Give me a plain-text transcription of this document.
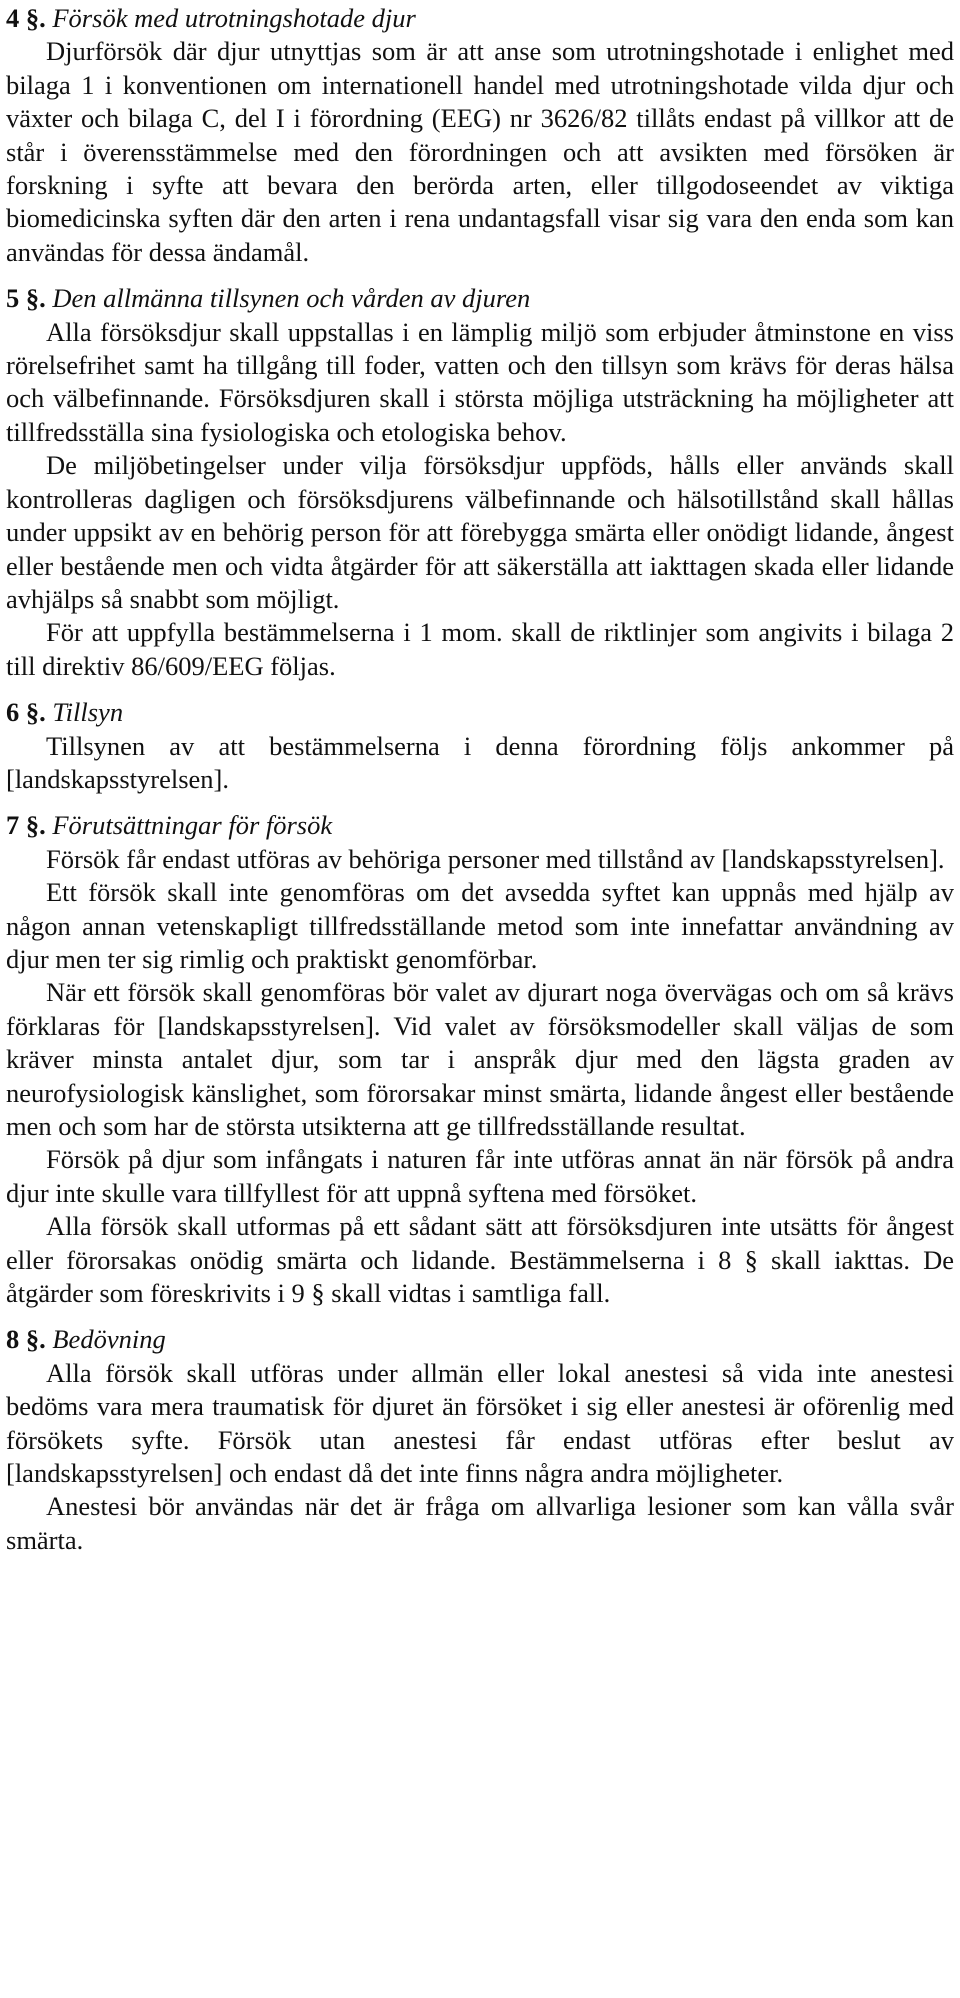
4 §. Försök med utrotningshotade djur

Djurförsök där djur utnyttjas som är att anse som utrotningshotade i enlighet med bilaga 1 i konventionen om internationell handel med utrotningshotade vilda djur och växter och bilaga C, del I i förordning (EEG) nr 3626/82 tillåts endast på villkor att de står i överensstämmelse med den förordningen och att avsikten med försöken är forskning i syfte att bevara den berörda arten, eller tillgodoseendet av viktiga biomedicinska syften där den arten i rena undantagsfall visar sig vara den enda som kan användas för dessa ändamål.

5 §. Den allmänna tillsynen och vården av djuren

Alla försöksdjur skall uppstallas i en lämplig miljö som erbjuder åtminstone en viss rörelsefrihet samt ha tillgång till foder, vatten och den tillsyn som krävs för deras hälsa och välbefinnande. Försöksdjuren skall i största möjliga utsträckning ha möjligheter att tillfredsställa sina fysiologiska och etologiska behov.

De miljöbetingelser under vilja försöksdjur uppföds, hålls eller används skall kontrolleras dagligen och försöksdjurens välbefinnande och hälsotillstånd skall hållas under uppsikt av en behörig person för att förebygga smärta eller onödigt lidande, ångest eller bestående men och vidta åtgärder för att säkerställa att iakttagen skada eller lidande avhjälps så snabbt som möjligt.

För att uppfylla bestämmelserna i 1 mom. skall de riktlinjer som angivits i bilaga 2 till direktiv 86/609/EEG följas.

6 §. Tillsyn

Tillsynen av att bestämmelserna i denna förordning följs ankommer på [landskapsstyrelsen].

7 §. Förutsättningar för försök

Försök får endast utföras av behöriga personer med tillstånd av [landskapsstyrelsen].

Ett försök skall inte genomföras om det avsedda syftet kan uppnås med hjälp av någon annan vetenskapligt tillfredsställande metod som inte innefattar användning av djur men ter sig rimlig och praktiskt genomförbar.

När ett försök skall genomföras bör valet av djurart noga övervägas och om så krävs förklaras för [landskapsstyrelsen]. Vid valet av försöksmodeller skall väljas de som kräver minsta antalet djur, som tar i anspråk djur med den lägsta graden av neurofysiologisk känslighet, som förorsakar minst smärta, lidande ångest eller bestående men och som har de största utsikterna att ge tillfredsställande resultat.

Försök på djur som infångats i naturen får inte utföras annat än när försök på andra djur inte skulle vara tillfyllest för att uppnå syftena med försöket.

Alla försök skall utformas på ett sådant sätt att försöksdjuren inte utsätts för ångest eller förorsakas onödig smärta och lidande. Bestämmelserna i 8 § skall iakttas. De åtgärder som föreskrivits i 9 § skall vidtas i samtliga fall.

8 §. Bedövning

Alla försök skall utföras under allmän eller lokal anestesi så vida inte anestesi bedöms vara mera traumatisk för djuret än försöket i sig eller anestesi är oförenlig med försökets syfte. Försök utan anestesi får endast utföras efter beslut av [landskapsstyrelsen] och endast då det inte finns några andra möjligheter.

Anestesi bör användas när det är fråga om allvarliga lesioner som kan vålla svår smärta.
